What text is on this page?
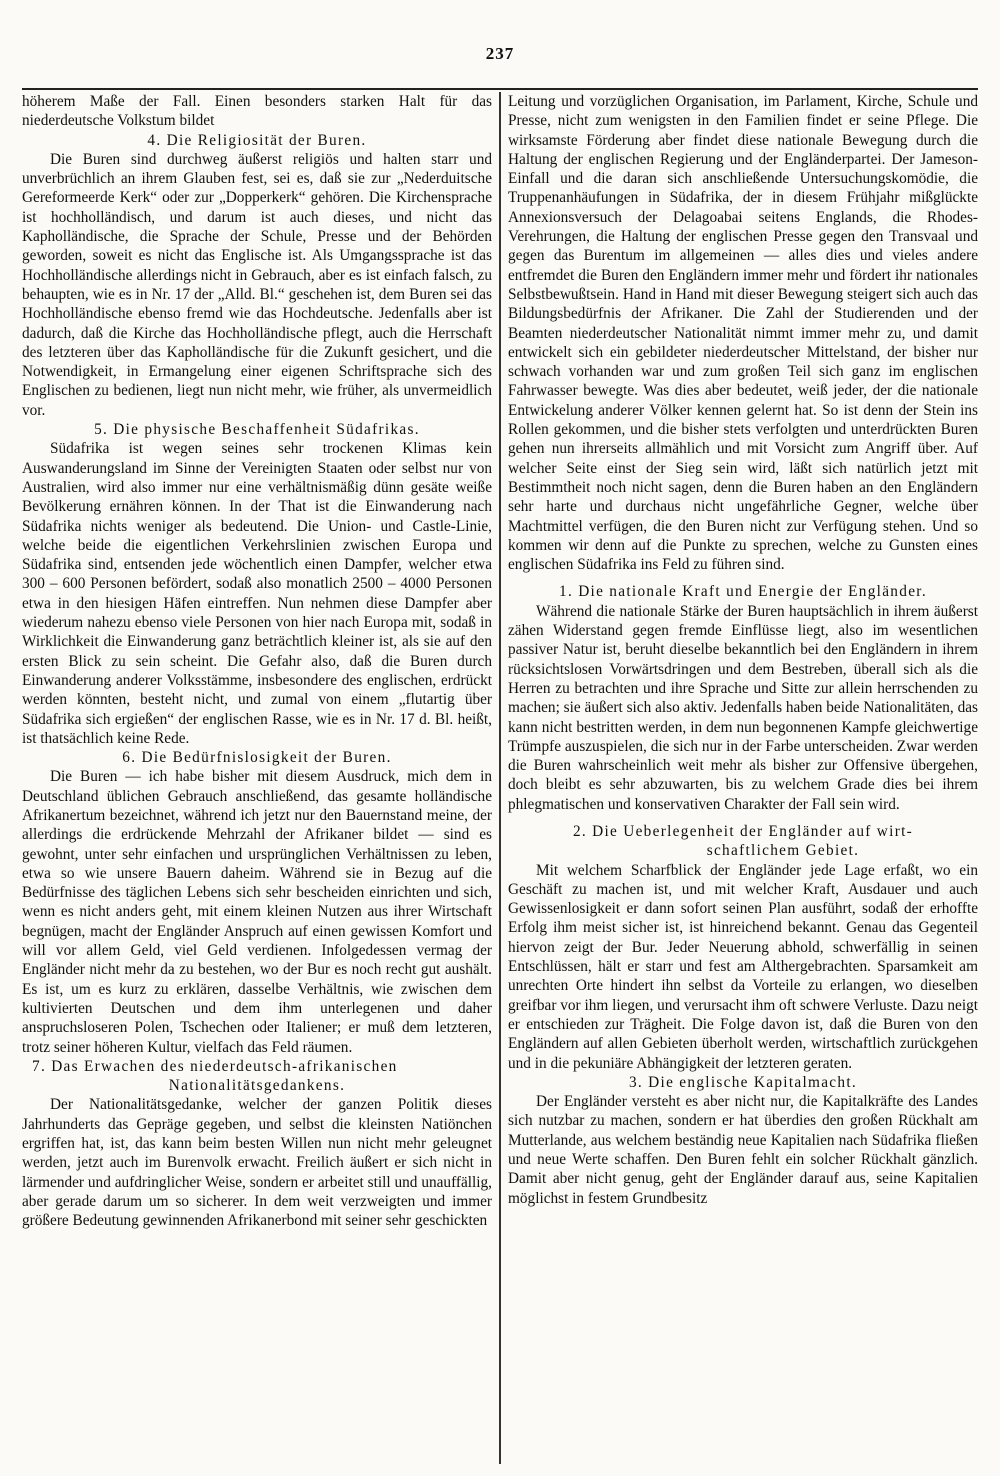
237

höherem Maße der Fall. Einen besonders starken Halt für das niederdeutsche Volkstum bildet

4. Die Religiosität der Buren.

Die Buren sind durchweg äußerst religiös und halten starr und unverbrüchlich an ihrem Glauben fest, sei es, daß sie zur „Nederduitsche Gereformeerde Kerk“ oder zur „Dopperkerk“ gehören. Die Kirchensprache ist hochholländisch, und darum ist auch dieses, und nicht das Kapholländische, die Sprache der Schule, Presse und der Behörden geworden, soweit es nicht das Englische ist. Als Umgangssprache ist das Hochholländische allerdings nicht in Gebrauch, aber es ist einfach falsch, zu behaupten, wie es in Nr. 17 der „Alld. Bl.“ geschehen ist, dem Buren sei das Hochholländische ebenso fremd wie das Hochdeutsche. Jedenfalls aber ist dadurch, daß die Kirche das Hochholländische pflegt, auch die Herrschaft des letzteren über das Kapholländische für die Zukunft gesichert, und die Notwendigkeit, in Ermangelung einer eigenen Schriftsprache sich des Englischen zu bedienen, liegt nun nicht mehr, wie früher, als unvermeidlich vor.

5. Die physische Beschaffenheit Südafrikas.

Südafrika ist wegen seines sehr trockenen Klimas kein Auswanderungsland im Sinne der Vereinigten Staaten oder selbst nur von Australien, wird also immer nur eine verhältnismäßig dünn gesäte weiße Bevölkerung ernähren können. In der That ist die Einwanderung nach Südafrika nichts weniger als bedeutend. Die Union- und Castle-Linie, welche beide die eigentlichen Verkehrslinien zwischen Europa und Südafrika sind, entsenden jede wöchentlich einen Dampfer, welcher etwa 300 – 600 Personen befördert, sodaß also monatlich 2500 – 4000 Personen etwa in den hiesigen Häfen eintreffen. Nun nehmen diese Dampfer aber wiederum nahezu ebenso viele Personen von hier nach Europa mit, sodaß in Wirklichkeit die Einwanderung ganz beträchtlich kleiner ist, als sie auf den ersten Blick zu sein scheint. Die Gefahr also, daß die Buren durch Einwanderung anderer Volksstämme, insbesondere des englischen, erdrückt werden könnten, besteht nicht, und zumal von einem „flutartig über Südafrika sich ergießen“ der englischen Rasse, wie es in Nr. 17 d. Bl. heißt, ist thatsächlich keine Rede.

6. Die Bedürfnislosigkeit der Buren.

Die Buren — ich habe bisher mit diesem Ausdruck, mich dem in Deutschland üblichen Gebrauch anschließend, das gesamte holländische Afrikanertum bezeichnet, während ich jetzt nur den Bauernstand meine, der allerdings die erdrückende Mehrzahl der Afrikaner bildet — sind es gewohnt, unter sehr einfachen und ursprünglichen Verhältnissen zu leben, etwa so wie unsere Bauern daheim. Während sie in Bezug auf die Bedürfnisse des täglichen Lebens sich sehr bescheiden einrichten und sich, wenn es nicht anders geht, mit einem kleinen Nutzen aus ihrer Wirtschaft begnügen, macht der Engländer Anspruch auf einen gewissen Komfort und will vor allem Geld, viel Geld verdienen. Infolgedessen vermag der Engländer nicht mehr da zu bestehen, wo der Bur es noch recht gut aushält. Es ist, um es kurz zu erklären, dasselbe Verhältnis, wie zwischen dem kultivierten Deutschen und dem ihm unterlegenen und daher anspruchsloseren Polen, Tschechen oder Italiener; er muß dem letzteren, trotz seiner höheren Kultur, vielfach das Feld räumen.

7. Das Erwachen des niederdeutsch-afrikanischen

Nationalitätsgedankens.

Der Nationalitätsgedanke, welcher der ganzen Politik dieses Jahrhunderts das Gepräge gegeben, und selbst die kleinsten Natiönchen ergriffen hat, ist, das kann beim besten Willen nun nicht mehr geleugnet werden, jetzt auch im Burenvolk erwacht. Freilich äußert er sich nicht in lärmender und aufdringlicher Weise, sondern er arbeitet still und unauffällig, aber gerade darum um so sicherer. In dem weit verzweigten und immer größere Bedeutung gewinnenden Afrikanerbond mit seiner sehr geschickten

Leitung und vorzüglichen Organisation, im Parlament, Kirche, Schule und Presse, nicht zum wenigsten in den Familien findet er seine Pflege. Die wirksamste Förderung aber findet diese nationale Bewegung durch die Haltung der englischen Regierung und der Engländerpartei. Der Jameson-Einfall und die daran sich anschließende Untersuchungskomödie, die Truppenanhäufungen in Südafrika, der in diesem Frühjahr mißglückte Annexionsversuch der Delagoabai seitens Englands, die Rhodes-Verehrungen, die Haltung der englischen Presse gegen den Transvaal und gegen das Burentum im allgemeinen — alles dies und vieles andere entfremdet die Buren den Engländern immer mehr und fördert ihr nationales Selbstbewußtsein. Hand in Hand mit dieser Bewegung steigert sich auch das Bildungsbedürfnis der Afrikaner. Die Zahl der Studierenden und der Beamten niederdeutscher Nationalität nimmt immer mehr zu, und damit entwickelt sich ein gebildeter niederdeutscher Mittelstand, der bisher nur schwach vorhanden war und zum großen Teil sich ganz im englischen Fahrwasser bewegte. Was dies aber bedeutet, weiß jeder, der die nationale Entwickelung anderer Völker kennen gelernt hat. So ist denn der Stein ins Rollen gekommen, und die bisher stets verfolgten und unterdrückten Buren gehen nun ihrerseits allmählich und mit Vorsicht zum Angriff über. Auf welcher Seite einst der Sieg sein wird, läßt sich natürlich jetzt mit Bestimmtheit noch nicht sagen, denn die Buren haben an den Engländern sehr harte und durchaus nicht ungefährliche Gegner, welche über Machtmittel verfügen, die den Buren nicht zur Verfügung stehen. Und so kommen wir denn auf die Punkte zu sprechen, welche zu Gunsten eines englischen Südafrika ins Feld zu führen sind.

1. Die nationale Kraft und Energie der Engländer.

Während die nationale Stärke der Buren hauptsächlich in ihrem äußerst zähen Widerstand gegen fremde Einflüsse liegt, also im wesentlichen passiver Natur ist, beruht dieselbe bekanntlich bei den Engländern in ihrem rücksichtslosen Vorwärtsdringen und dem Bestreben, überall sich als die Herren zu betrachten und ihre Sprache und Sitte zur allein herrschenden zu machen; sie äußert sich also aktiv. Jedenfalls haben beide Nationalitäten, das kann nicht bestritten werden, in dem nun begonnenen Kampfe gleichwertige Trümpfe auszuspielen, die sich nur in der Farbe unterscheiden. Zwar werden die Buren wahrscheinlich weit mehr als bisher zur Offensive übergehen, doch bleibt es sehr abzuwarten, bis zu welchem Grade dies bei ihrem phlegmatischen und konservativen Charakter der Fall sein wird.

2. Die Ueberlegenheit der Engländer auf wirt-

schaftlichem Gebiet.

Mit welchem Scharfblick der Engländer jede Lage erfaßt, wo ein Geschäft zu machen ist, und mit welcher Kraft, Ausdauer und auch Gewissenlosigkeit er dann sofort seinen Plan ausführt, sodaß der erhoffte Erfolg ihm meist sicher ist, ist hinreichend bekannt. Genau das Gegenteil hiervon zeigt der Bur. Jeder Neuerung abhold, schwerfällig in seinen Entschlüssen, hält er starr und fest am Althergebrachten. Sparsamkeit am unrechten Orte hindert ihn selbst da Vorteile zu erlangen, wo dieselben greifbar vor ihm liegen, und verursacht ihm oft schwere Verluste. Dazu neigt er entschieden zur Trägheit. Die Folge davon ist, daß die Buren von den Engländern auf allen Gebieten überholt werden, wirtschaftlich zurückgehen und in die pekuniäre Abhängigkeit der letzteren geraten.

3. Die englische Kapitalmacht.

Der Engländer versteht es aber nicht nur, die Kapitalkräfte des Landes sich nutzbar zu machen, sondern er hat überdies den großen Rückhalt am Mutterlande, aus welchem beständig neue Kapitalien nach Südafrika fließen und neue Werte schaffen. Den Buren fehlt ein solcher Rückhalt gänzlich. Damit aber nicht genug, geht der Engländer darauf aus, seine Kapitalien möglichst in festem Grundbesitz
